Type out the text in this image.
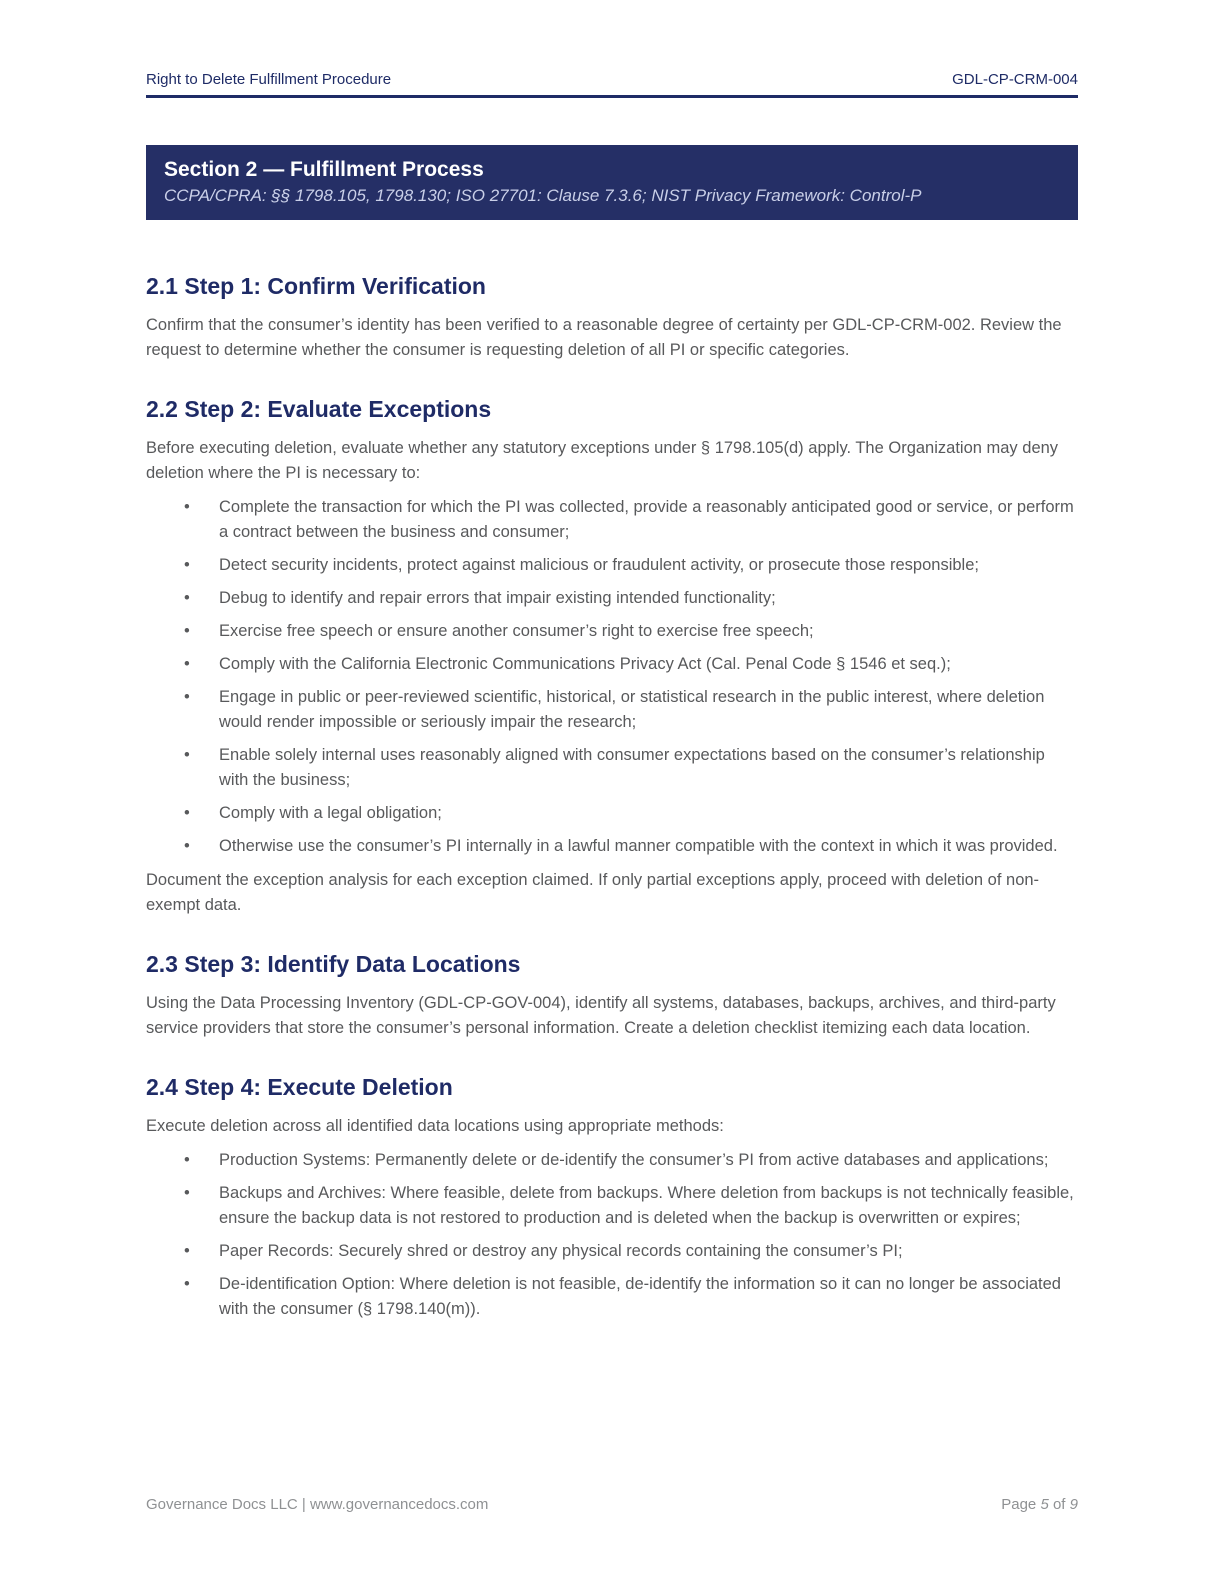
Right to Delete Fulfillment Procedure	GDL-CP-CRM-004
Section 2 — Fulfillment Process
CCPA/CPRA: §§ 1798.105, 1798.130; ISO 27701: Clause 7.3.6; NIST Privacy Framework: Control-P
2.1 Step 1: Confirm Verification

Confirm that the consumer’s identity has been verified to a reasonable degree of certainty per GDL-CP-CRM-002. Review the request to determine whether the consumer is requesting deletion of all PI or specific categories.

2.2 Step 2: Evaluate Exceptions

Before executing deletion, evaluate whether any statutory exceptions under § 1798.105(d) apply. The Organization may deny deletion where the PI is necessary to:

• Complete the transaction for which the PI was collected, provide a reasonably anticipated good or service, or perform a contract between the business and consumer;
• Detect security incidents, protect against malicious or fraudulent activity, or prosecute those responsible;
• Debug to identify and repair errors that impair existing intended functionality;
• Exercise free speech or ensure another consumer’s right to exercise free speech;
• Comply with the California Electronic Communications Privacy Act (Cal. Penal Code § 1546 et seq.);
• Engage in public or peer-reviewed scientific, historical, or statistical research in the public interest, where deletion would render impossible or seriously impair the research;
• Enable solely internal uses reasonably aligned with consumer expectations based on the consumer’s relationship with the business;
• Comply with a legal obligation;
• Otherwise use the consumer’s PI internally in a lawful manner compatible with the context in which it was provided.

Document the exception analysis for each exception claimed. If only partial exceptions apply, proceed with deletion of non-exempt data.

2.3 Step 3: Identify Data Locations

Using the Data Processing Inventory (GDL-CP-GOV-004), identify all systems, databases, backups, archives, and third-party service providers that store the consumer’s personal information. Create a deletion checklist itemizing each data location.

2.4 Step 4: Execute Deletion

Execute deletion across all identified data locations using appropriate methods:

• Production Systems: Permanently delete or de-identify the consumer’s PI from active databases and applications;
• Backups and Archives: Where feasible, delete from backups. Where deletion from backups is not technically feasible, ensure the backup data is not restored to production and is deleted when the backup is overwritten or expires;
• Paper Records: Securely shred or destroy any physical records containing the consumer’s PI;
• De-identification Option: Where deletion is not feasible, de-identify the information so it can no longer be associated with the consumer (§ 1798.140(m)).
Governance Docs LLC | www.governancedocs.com	Page 5 of 9
